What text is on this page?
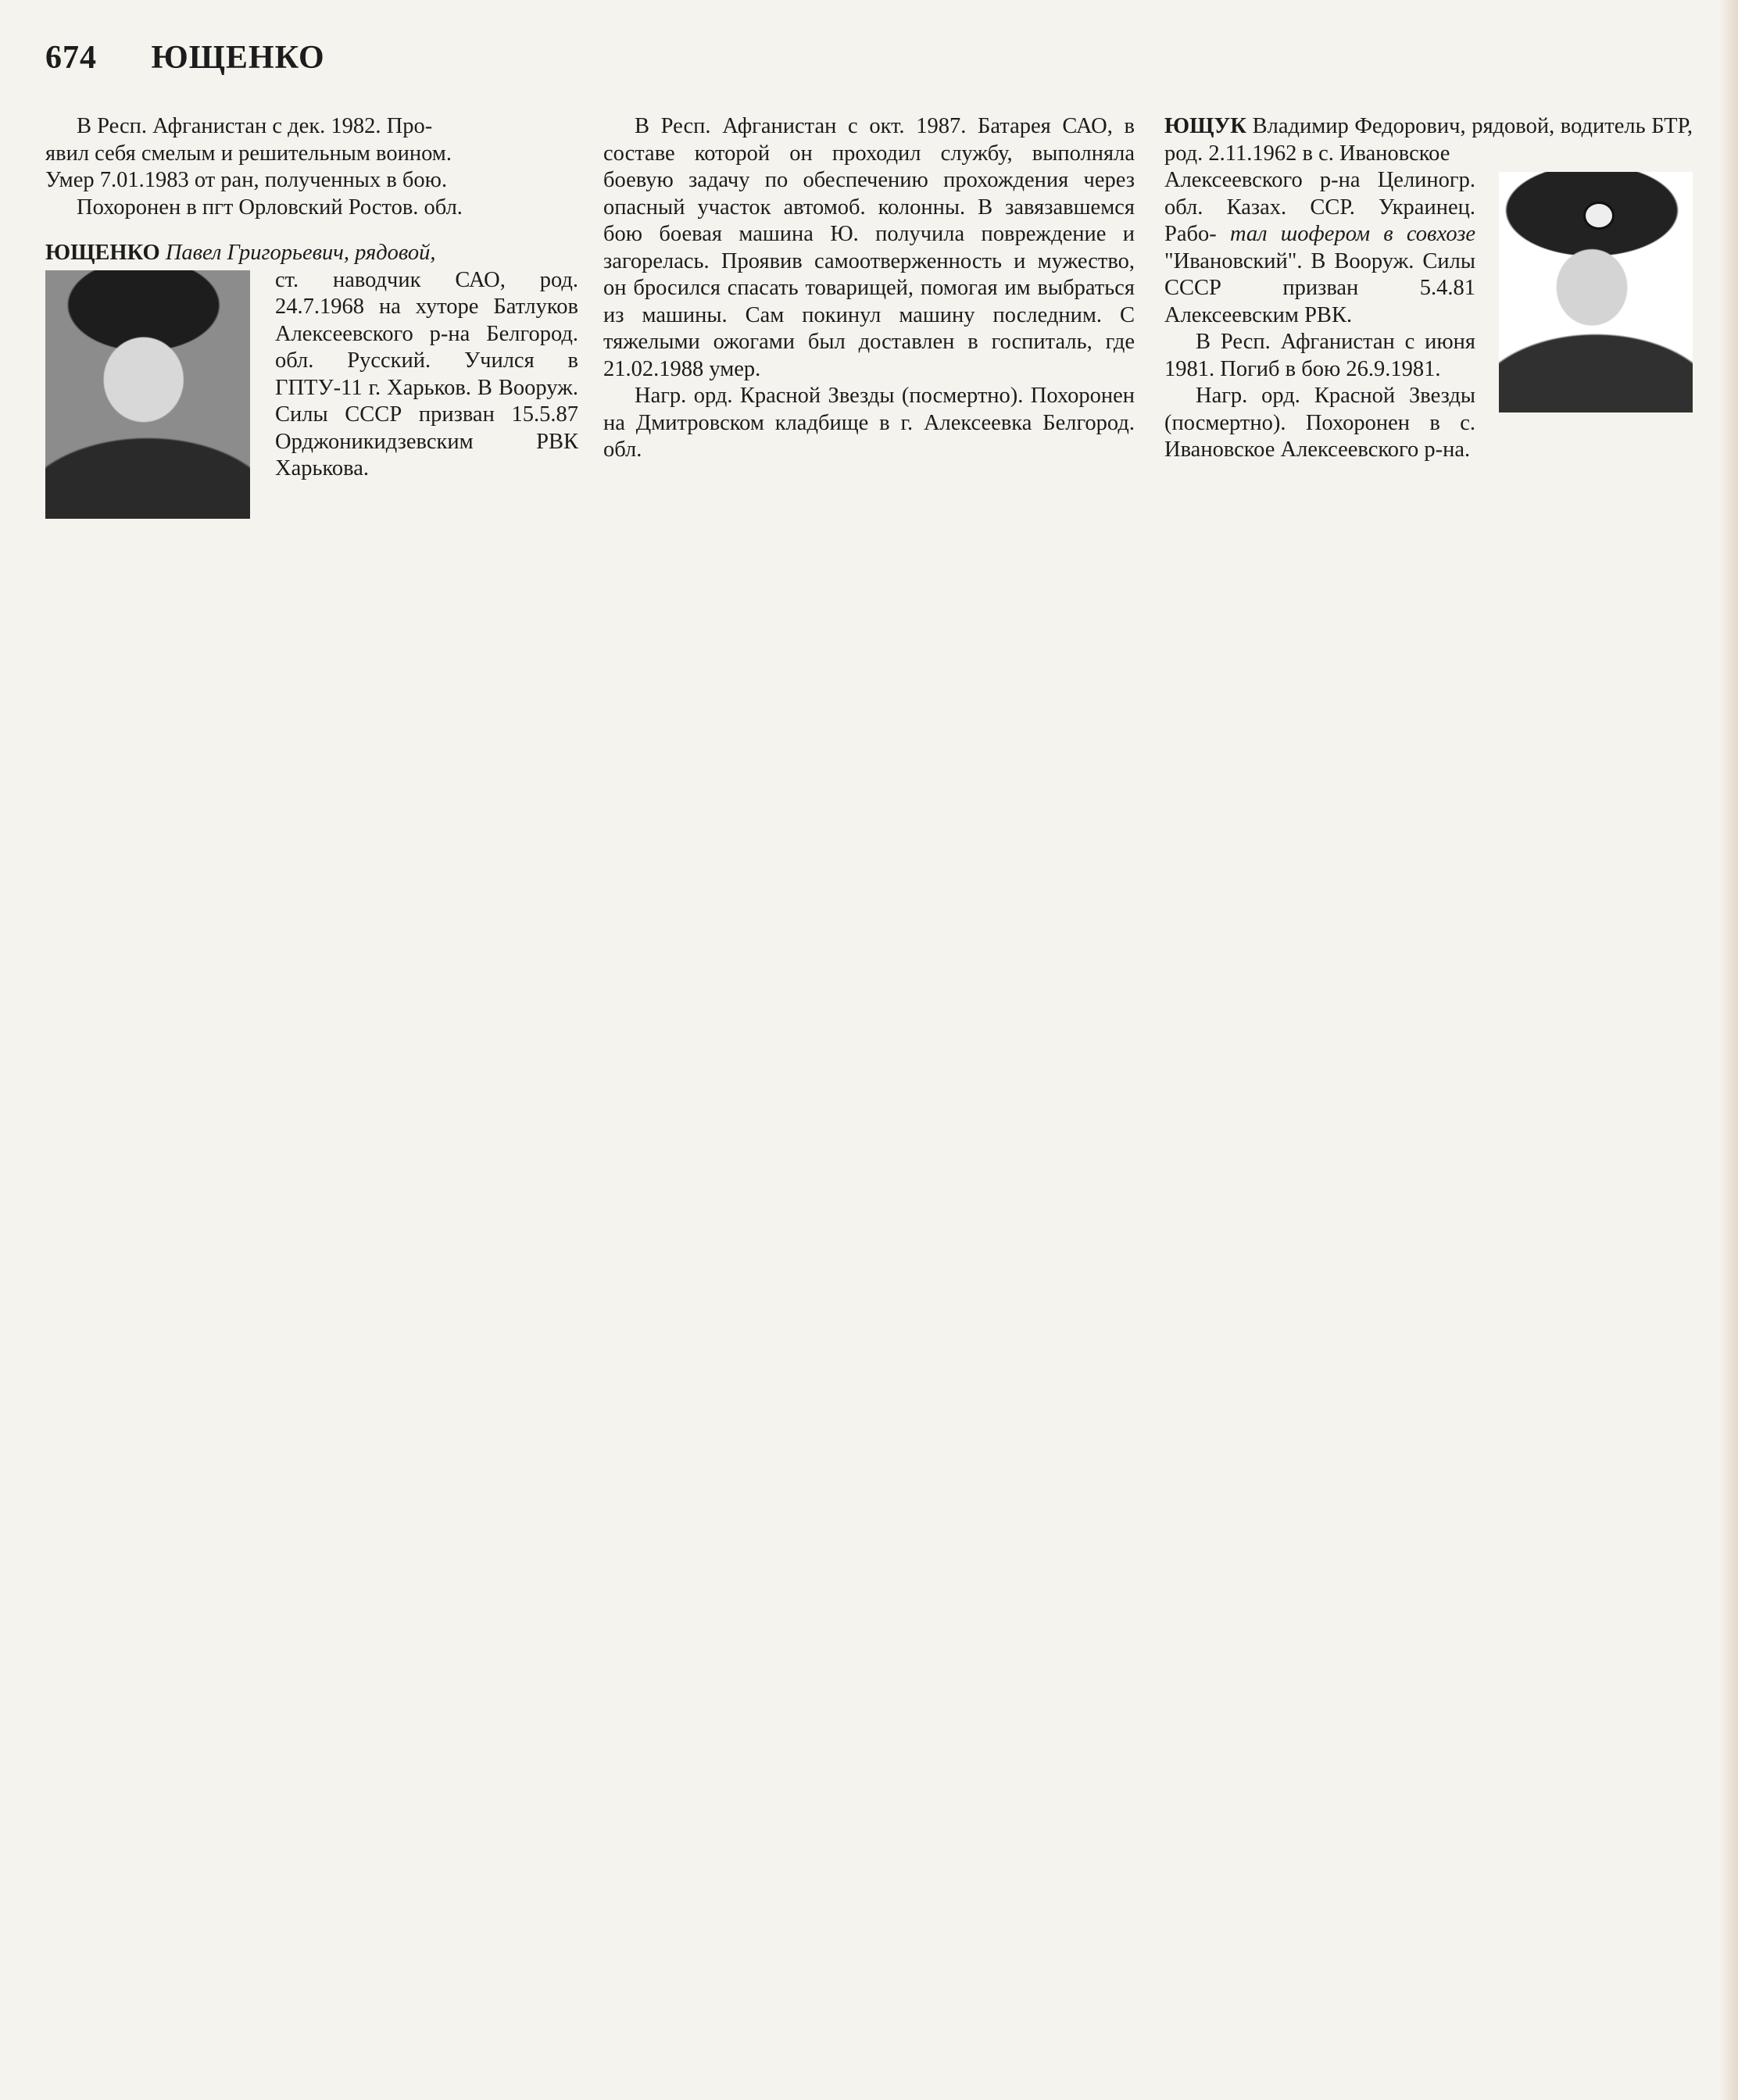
674 ЮЩЕНКО
В Респ. Афганистан с дек. 1982. Про-
явил себя смелым и решительным воином.
Умер 7.01.1983 от ран, полученных в бою.
Похоронен в пгт Орловский Ростов. обл.
ЮЩЕНКО Павел Григорьевич, рядовой,
ст. наводчик САО, род. 24.7.1968 на хуторе Батлуков Алексеевского р-на Белгород. обл. Русский. Учился в ГПТУ-11 г. Харьков. В Вооруж. Силы СССР призван 15.5.87 Орджоникидзевским РВК Харькова.

В Респ. Афганистан с окт. 1987. Батарея САО, в составе которой он проходил службу, выполняла боевую задачу по обеспечению прохождения через опасный участок автомоб. колонны. В завязавшемся бою боевая машина Ю. получила повреждение и загорелась. Проявив самоотверженность и мужество, он бросился спасать товарищей, помогая им выбраться из машины. Сам покинул машину последним. С тяжелыми ожогами был доставлен в госпиталь, где 21.02.1988 умер.

Нагр. орд. Красной Звезды (посмертно). Похоронен на Дмитровском кладбище в г. Алексеевка Белгород. обл.

ЮЩУК Владимир Федорович, рядовой, водитель БТР, род. 2.11.1962 в с. Ивановское
Алексеевского р-на Целиногр. обл. Казах. ССР. Украинец. Рабо- тал шофером в совхозе "Ивановский". В Вооруж. Силы СССР призван 5.4.81 Алексеевским РВК.

В Респ. Афганистан с июня 1981. Погиб в бою 26.9.1981.

Нагр. орд. Красной Звезды (посмертно). Похоронен в с. Ивановское Алексеевского р-на.
